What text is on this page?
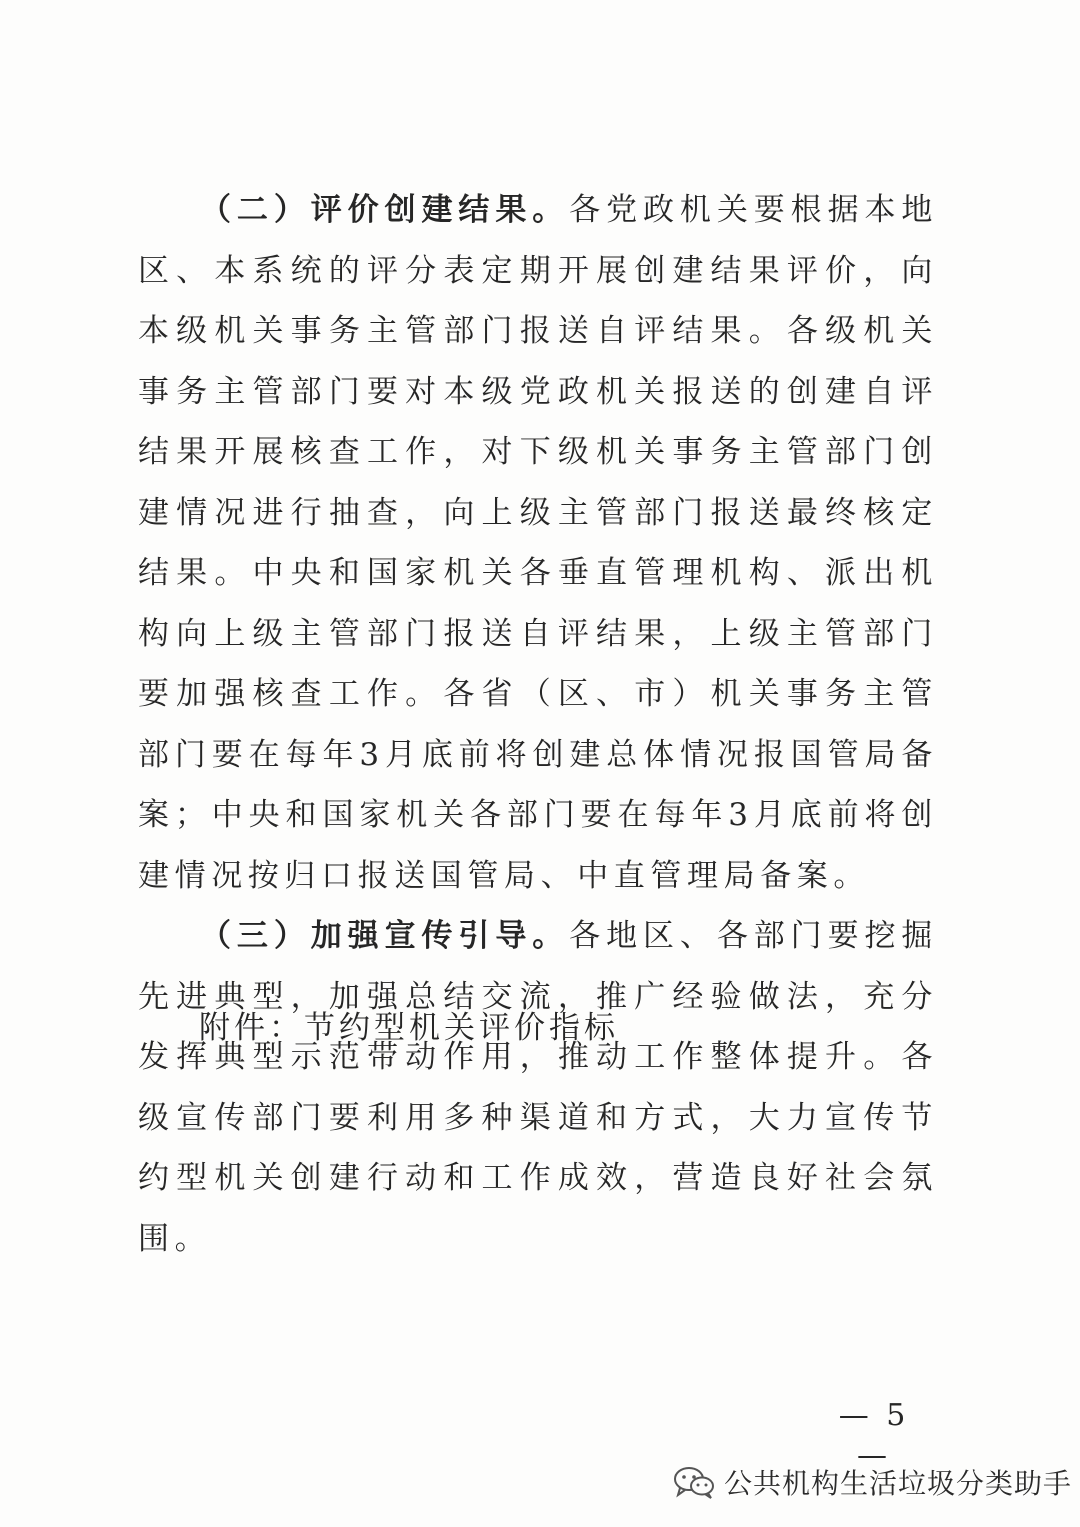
（二）评价创建结果。各党政机关要根据本地区、本系统的评分表定期开展创建结果评价，向本级机关事务主管部门报送自评结果。各级机关事务主管部门要对本级党政机关报送的创建自评结果开展核查工作，对下级机关事务主管部门创建情况进行抽查，向上级主管部门报送最终核定结果。中央和国家机关各垂直管理机构、派出机构向上级主管部门报送自评结果，上级主管部门要加强核查工作。各省（区、市）机关事务主管部门要在每年3月底前将创建总体情况报国管局备案；中央和国家机关各部门要在每年3月底前将创建情况按归口报送国管局、中直管理局备案。

（三）加强宣传引导。各地区、各部门要挖掘先进典型，加强总结交流，推广经验做法，充分发挥典型示范带动作用，推动工作整体提升。各级宣传部门要利用多种渠道和方式，大力宣传节约型机关创建行动和工作成效，营造良好社会氛围。

附件：节约型机关评价指标
— 5 —
公共机构生活垃圾分类助手
